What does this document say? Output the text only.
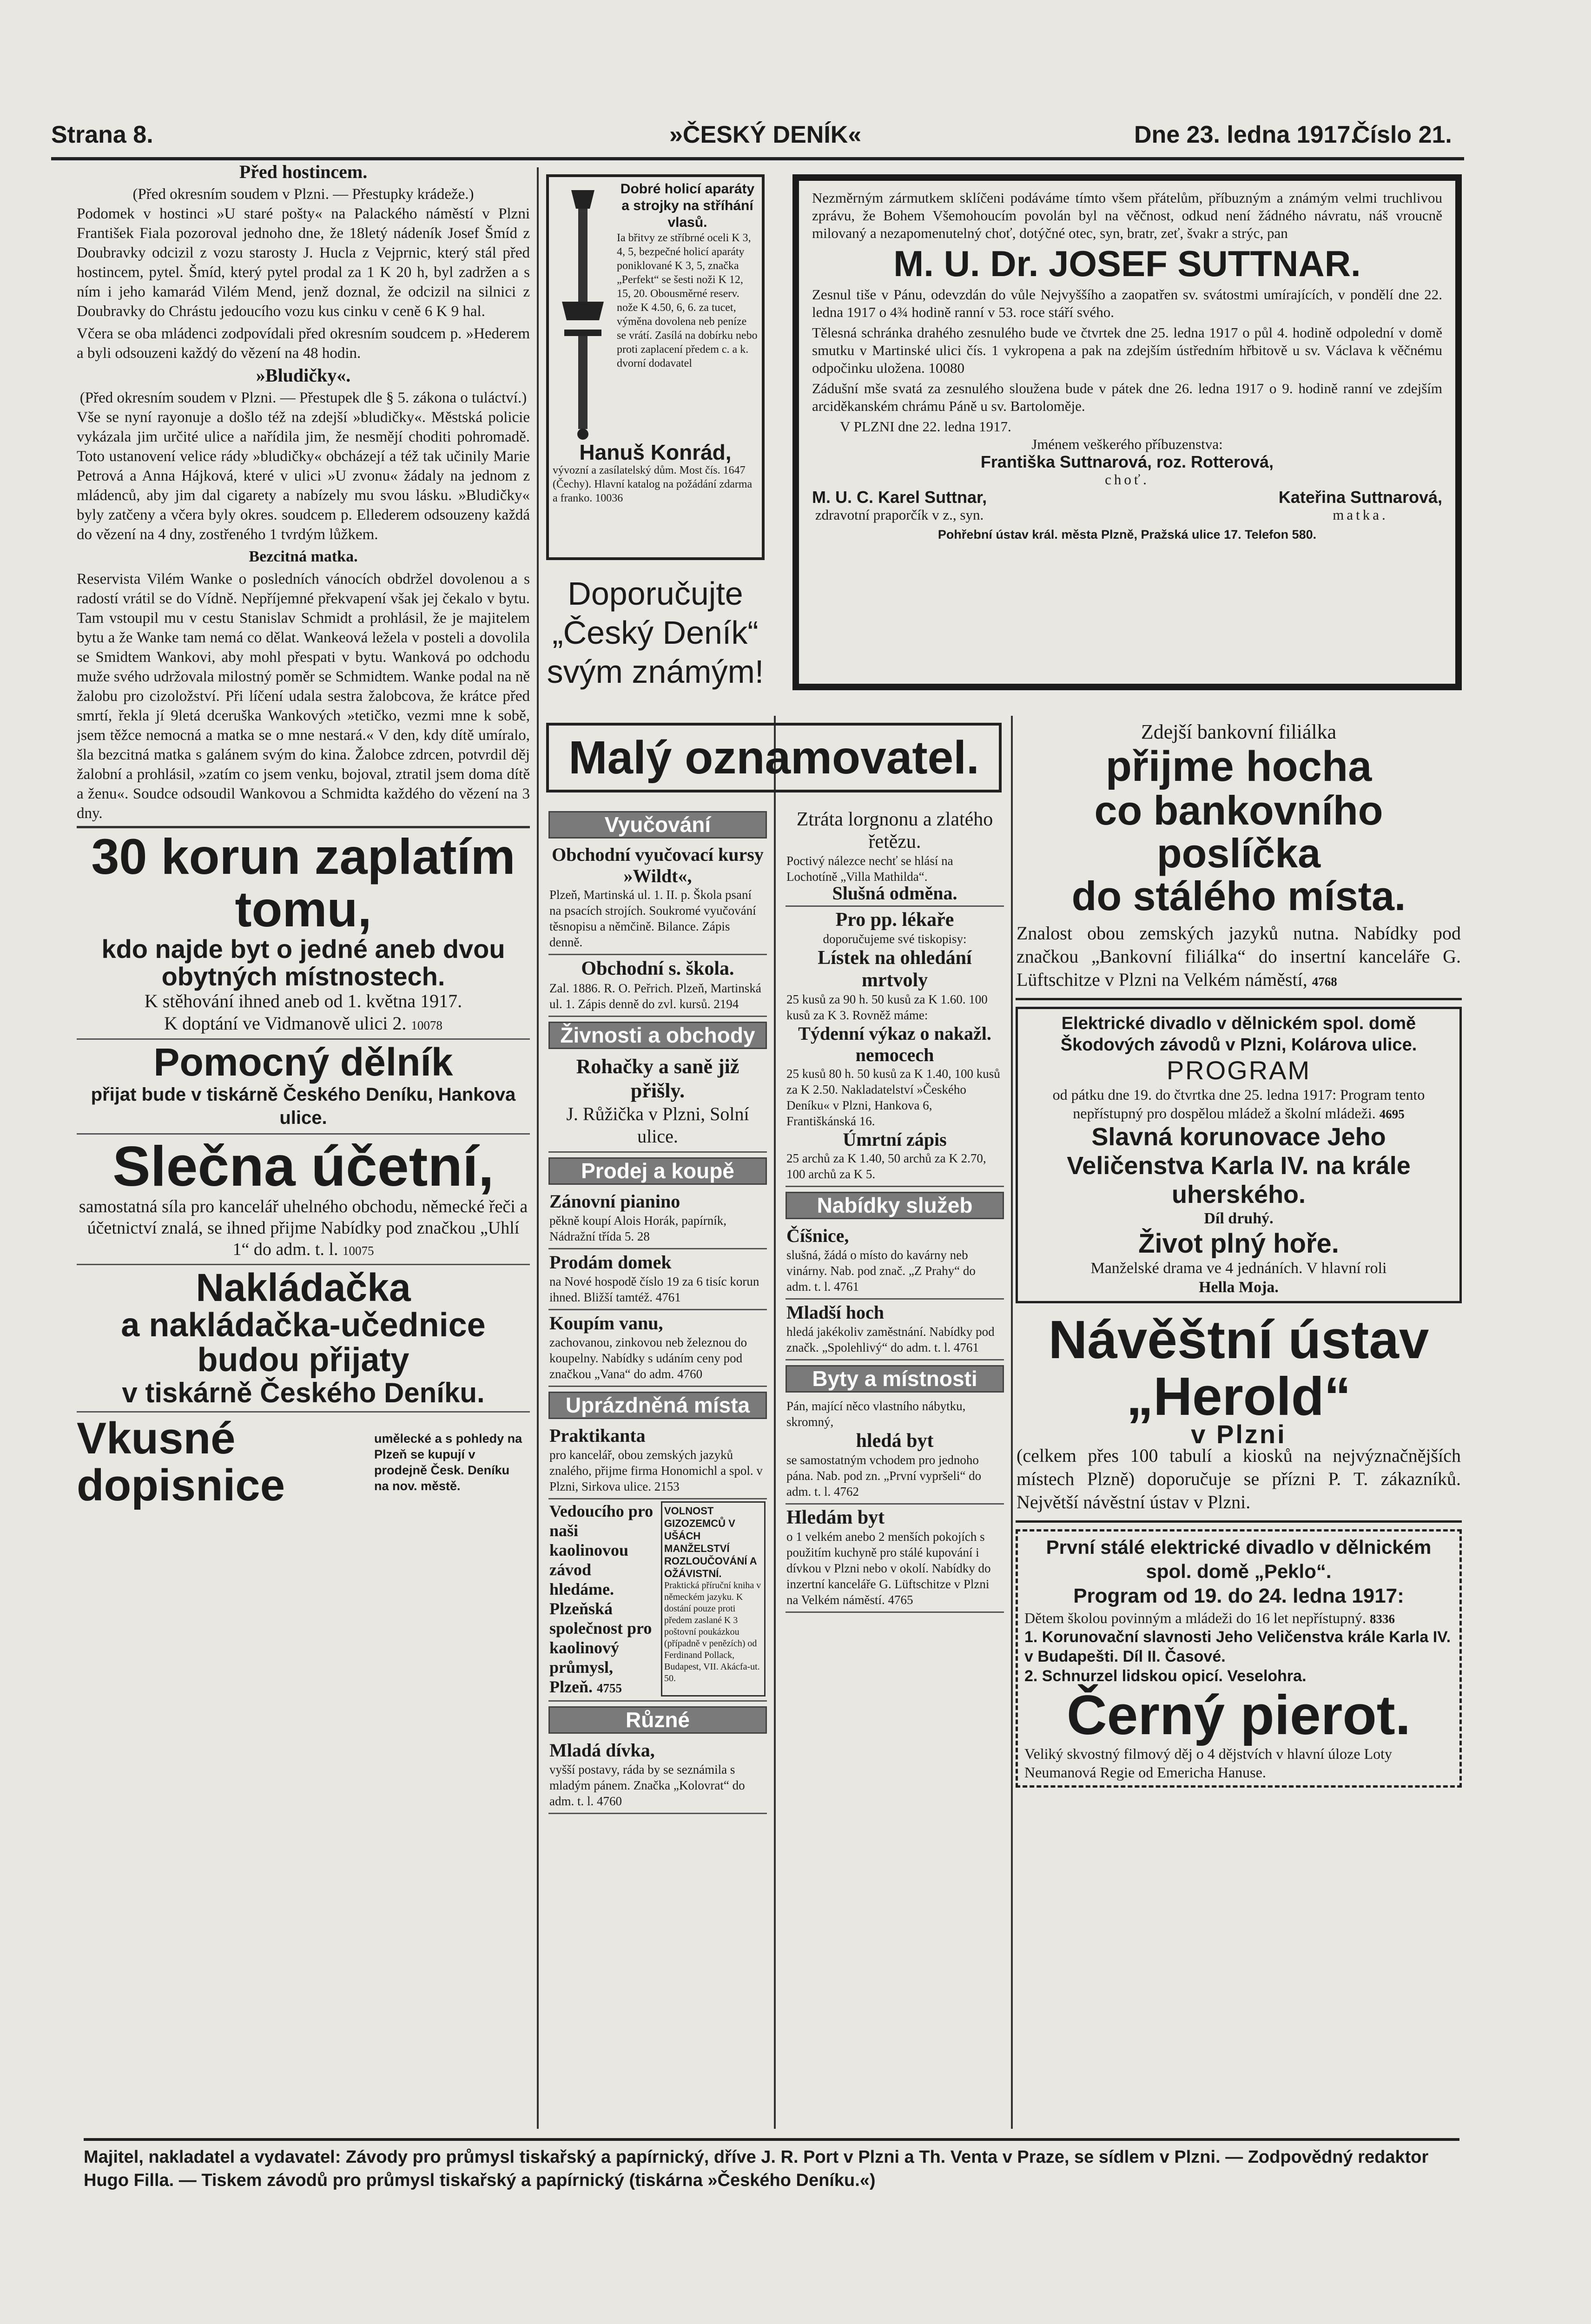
Strana 8.	»ČESKÝ DENÍK«	Dne 23. ledna 1917.
Číslo 21.
Před hostincem.
(Před okresním soudem v Plzni. — Přestupky krádeže.)

Podomek v hostinci »U staré pošty« na Palackého náměstí v Plzni František Fiala pozoroval jednoho dne, že 18letý nádeník Josef Šmíd z Doubravky odcizil z vozu starosty J. Hucla z Vejprnic, který stál před hostincem, pytel. Šmíd, který pytel prodal za 1 K 20 h, byl zadržen a s ním i jeho kamarád Vilém Mend, jenž doznal, že odcizil na silnici z Doubravky do Chrástu jedoucího vozu kus cinku v ceně 6 K 9 hal.

Včera se oba mládenci zodpovídali před okresním soudcem p. »Hederem a byli odsouzeni každý do vězení na 48 hodin.

»Bludičky«.
(Před okresním soudem v Plzni. — Přestupek dle § 5. zákona o tuláctví.)

Vše se nyní rayonuje a došlo též na zdejší »bludičky«. Městská policie vykázala jim určité ulice a nařídila jim, že nesmějí choditi pohromadě. Toto ustanovení velice rády »bludičky« obcházejí a též tak učinily Marie Petrová a Anna Hájková, které v ulici »U zvonu« žádaly na jednom z mládenců, aby jim dal cigarety a nabízely mu svou lásku. »Bludičky« byly zatčeny a včera byly okres. soudcem p. Ellederem odsouzeny každá do vězení na 4 dny, zostřeného 1 tvrdým lůžkem.

Bezcitná matka.

Reservista Vilém Wanke o posledních vánocích obdržel dovolenou a s radostí vrátil se do Vídně. Nepříjemné překvapení však jej čekalo v bytu. Tam vstoupil mu v cestu Stanislav Schmidt a prohlásil, že je majitelem bytu a že Wanke tam nemá co dělat. Wankeová ležela v posteli a dovolila se Smidtem Wankovi, aby mohl přespati v bytu. Wanková po odchodu muže svého udržovala milostný poměr se Schmidtem. Wanke podal na ně žalobu pro cizoložství. Při líčení udala sestra žalobcova, že krátce před smrtí, řekla jí 9letá dceruška Wankových »tetičko, vezmi mne k sobě, jsem těžce nemocná a matka se o mne nestará.« V den, kdy dítě umíralo, šla bezcitná matka s galánem svým do kina. Žalobce zdrcen, potvrdil děj žalobní a prohlásil, »zatím co jsem venku, bojoval, ztratil jsem doma dítě a ženu«. Soudce odsoudil Wankovou a Schmidta každého do vězení na 3 dny.

30 korun zaplatím tomu,
kdo najde byt o jedné aneb dvou obytných místnostech.
K stěhování ihned aneb od 1. května 1917.
K doptání ve Vidmanově ulici 2. 10078
Pomocný dělník
přijat bude v tiskárně Českého Deníku, Hankova ulice.
Slečna účetní,
samostatná síla pro kancelář uhelného obchodu, německé řeči a účetnictví znalá, se ihned přijme Nabídky pod značkou „Uhlí 1“ do adm. t. l. 10075
Nakládačka
a nakládačka-učednice
budou přijaty
v tiskárně Českého Deníku.
Vkusné dopisnice
umělecké a s pohledy na Plzeň se kupují v prodejně Česk. Deníku na nov. městě.
Dobré holicí aparáty a strojky na stříhání vlasů.
Ia břitvy ze stříbrné oceli K 3, 4, 5, bezpečné holicí aparáty poniklované K 3, 5, značka „Perfekt“ se šesti noži K 12, 15, 20. Obousměrné reserv. nože K 4.50, 6, 6. za tucet, výměna dovolena neb peníze se vrátí. Zasílá na dobírku nebo proti zaplacení předem c. a k. dvorní dodavatel
Hanuš Konrád,
vývozní a zasílatelský dům. Most čís. 1647 (Čechy). Hlavní katalog na požádání zdarma a franko. 10036
Doporučujte „Český Deník“ svým známým!
Malý oznamovatel.
Vyučování
Obchodní vyučovací kursy »Wildt«,
Plzeň, Martinská ul. 1. II. p. Škola psaní na psacích strojích. Soukromé vyučování těsnopisu a němčině. Bilance. Zápis denně.
Obchodní s. škola.
Zal. 1886. R. O. Peřrich. Plzeň, Martinská ul. 1. Zápis denně do zvl. kursů. 2194
Živnosti a obchody
Rohačky a saně již přišly.
J. Růžička v Plzni, Solní ulice.
Prodej a koupě
Zánovní pianino
pěkně koupí Alois Horák, papírník, Nádražní třída 5. 28
Prodám domek
na Nové hospodě číslo 19 za 6 tisíc korun ihned. Bližší tamtéž. 4761
Koupím vanu,
zachovanou, zinkovou neb železnou do koupelny. Nabídky s udáním ceny pod značkou „Vana“ do adm. 4760
Uprázdněná místa
Praktikanta
pro kancelář, obou zemských jazyků znalého, přijme firma Honomichl a spol. v Plzni, Sirkova ulice. 2153
Vedoucího pro naši kaolinovou závod hledáme. Plzeňská společnost pro kaolinový průmysl, Plzeň. 4755
VOLNOST GIZOZEMCŮ V UŠÁCH MANŽELSTVÍ ROZLOUČOVÁNÍ A OŽÁVISTNÍ.
Praktická příruční kniha v německém jazyku. K dostání pouze proti předem zaslané K 3 poštovní poukázkou (případně v penězích) od Ferdinand Pollack, Budapest, VII. Akácfa-ut. 50.
Různé
Mladá dívka,
vyšší postavy, ráda by se seznámila s mladým pánem. Značka „Kolovrat“ do adm. t. l. 4760

Nezměrným zármutkem sklíčeni podáváme tímto všem přátelům, příbuzným a známým velmi truchlivou zprávu, že Bohem Všemohoucím povolán byl na věčnost, odkud není žádného návratu, náš vroucně milovaný a nezapomenutelný choť, dotýčné otec, syn, bratr, zeť, švakr a strýc, pan

M. U. Dr. JOSEF SUTTNAR.

Zesnul tiše v Pánu, odevzdán do vůle Nejvyššího a zaopatřen sv. svátostmi umírajících, v pondělí dne 22. ledna 1917 o 4¾ hodině ranní v 53. roce stáří svého.

Tělesná schránka drahého zesnulého bude ve čtvrtek dne 25. ledna 1917 o půl 4. hodině odpolední v domě smutku v Martinské ulici čís. 1 vykropena a pak na zdejším ústředním hřbitově u sv. Václava k věčnému odpočinku uložena. 10080

Zádušní mše svatá za zesnulého sloužena bude v pátek dne 26. ledna 1917 o 9. hodině ranní ve zdejším arciděkanském chrámu Páně u sv. Bartoloměje.

V PLZNI dne 22. ledna 1917.
Jménem veškerého příbuzenstva:
Františka Suttnarová, roz. Rotterová,
choť.
M. U. C. Karel Suttnar,
zdravotní praporčík v z., syn.
Kateřina Suttnarová,
matka.
Pohřební ústav král. města Plzně, Pražská ulice 17. Telefon 580.
Ztráta lorgnonu a zlatého řetězu.
Poctivý nálezce nechť se hlásí na Lochotíně „Villa Mathilda“.
Slušná odměna.
Pro pp. lékaře
doporučujeme své tiskopisy:
Lístek na ohledání mrtvoly
25 kusů za 90 h. 50 kusů za K 1.60. 100 kusů za K 3. Rovněž máme:
Týdenní výkaz o nakažl. nemocech
25 kusů 80 h. 50 kusů za K 1.40, 100 kusů za K 2.50. Nakladatelství »Českého Deníku« v Plzni, Hankova 6, Františkánská 16.
Úmrtní zápis
25 archů za K 1.40, 50 archů za K 2.70, 100 archů za K 5.
Nabídky služeb
Číšnice,
slušná, žádá o místo do kavárny neb vinárny. Nab. pod znač. „Z Prahy“ do adm. t. l. 4761
Mladší hoch
hledá jakékoliv zaměstnání. Nabídky pod značk. „Spolehlivý“ do adm. t. l. 4761
Byty a místnosti
Pán, mající něco vlastního nábytku, skromný,
hledá byt
se samostatným vchodem pro jednoho pána. Nab. pod zn. „První vypršeli“ do adm. t. l. 4762
Hledám byt
o 1 velkém anebo 2 menších pokojích s použitím kuchyně pro stálé kupování i dívkou v Plzni nebo v okolí. Nabídky do inzertní kanceláře G. Lüftschitze v Plzni na Velkém náměstí. 4765
Zdejší bankovní filiálka
přijme hocha
co bankovního poslíčka
do stálého místa.

Znalost obou zemských jazyků nutna. Nabídky pod značkou „Bankovní filiálka“ do insertní kanceláře G. Lüftschitze v Plzni na Velkém náměstí, 4768

Elektrické divadlo v dělnickém spol. domě Škodových závodů v Plzni, Kolárova ulice.
PROGRAM
od pátku dne 19. do čtvrtka dne 25. ledna 1917: Program tento nepřístupný pro dospělou mládež a školní mládeži. 4695
Slavná korunovace Jeho Veličenstva Karla IV. na krále uherského.
Díl druhý.
Život plný hoře.
Manželské drama ve 4 jednáních. V hlavní roli
Hella Moja.
Návěštní ústav „Herold“
v Plzni

(celkem přes 100 tabulí a kiosků na nejvýznačnějších místech Plzně) doporučuje se přízni P. T. zákazníků. Největší návěstní ústav v Plzni.

První stálé elektrické divadlo v dělnickém spol. domě „Peklo“.
Program od 19. do 24. ledna 1917:
Dětem školou povinným a mládeži do 16 let nepřístupný. 8336
1. Korunovační slavnosti Jeho Veličenstva krále Karla IV. v Budapešti. Díl II. Časové.
2. Schnurzel lidskou opicí. Veselohra.
Černý pierot.
Veliký skvostný filmový děj o 4 dějstvích v hlavní úloze Loty Neumanová Regie od Emericha Hanuse.
Majitel, nakladatel a vydavatel: Závody pro průmysl tiskařský a papírnický, dříve J. R. Port v Plzni a Th. Venta v Praze, se sídlem v Plzni. — Zodpovědný redaktor Hugo Filla. — Tiskem závodů pro průmysl tiskařský a papírnický (tiskárna »Českého Deníku.«)
